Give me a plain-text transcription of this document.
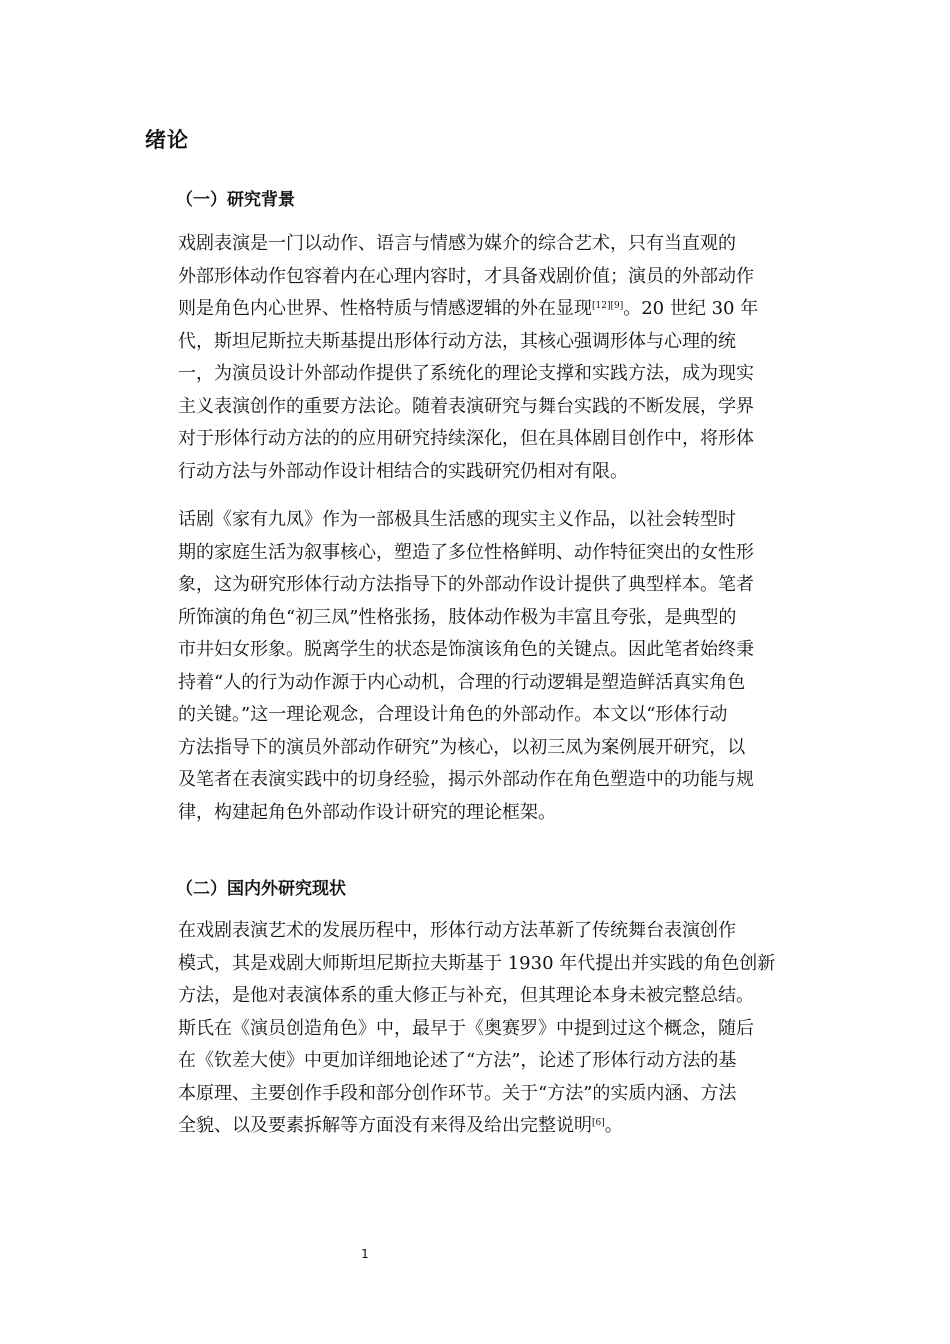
绪论
（一）研究背景

戏剧表演是一门以动作、语言与情感为媒介的综合艺术，只有当直观的
外部形体动作包容着内在心理内容时，才具备戏剧价值；演员的外部动作
则是角色内心世界、性格特质与情感逻辑的外在显现[12][9]。20 世纪 30 年
代，斯坦尼斯拉夫斯基提出形体行动方法，其核心强调形体与心理的统
一，为演员设计外部动作提供了系统化的理论支撑和实践方法，成为现实
主义表演创作的重要方法论。随着表演研究与舞台实践的不断发展，学界
对于形体行动方法的的应用研究持续深化，但在具体剧目创作中，将形体
行动方法与外部动作设计相结合的实践研究仍相对有限。

话剧《家有九凤》作为一部极具生活感的现实主义作品，以社会转型时
期的家庭生活为叙事核心，塑造了多位性格鲜明、动作特征突出的女性形
象，这为研究形体行动方法指导下的外部动作设计提供了典型样本。笔者
所饰演的角色“初三凤”性格张扬，肢体动作极为丰富且夸张，是典型的
市井妇女形象。脱离学生的状态是饰演该角色的关键点。因此笔者始终秉
持着“人的行为动作源于内心动机，合理的行动逻辑是塑造鲜活真实角色
的关键。”这一理论观念，合理设计角色的外部动作。本文以“形体行动
方法指导下的演员外部动作研究”为核心，以初三凤为案例展开研究，以
及笔者在表演实践中的切身经验，揭示外部动作在角色塑造中的功能与规
律，构建起角色外部动作设计研究的理论框架。

（二）国内外研究现状

在戏剧表演艺术的发展历程中，形体行动方法革新了传统舞台表演创作
模式，其是戏剧大师斯坦尼斯拉夫斯基于 1930 年代提出并实践的角色创新
方法，是他对表演体系的重大修正与补充，但其理论本身未被完整总结。
斯氏在《演员创造角色》中，最早于《奥赛罗》中提到过这个概念，随后
在《钦差大使》中更加详细地论述了“方法”，论述了形体行动方法的基
本原理、主要创作手段和部分创作环节。关于“方法”的实质内涵、方法
全貌、以及要素拆解等方面没有来得及给出完整说明[6]。

1
